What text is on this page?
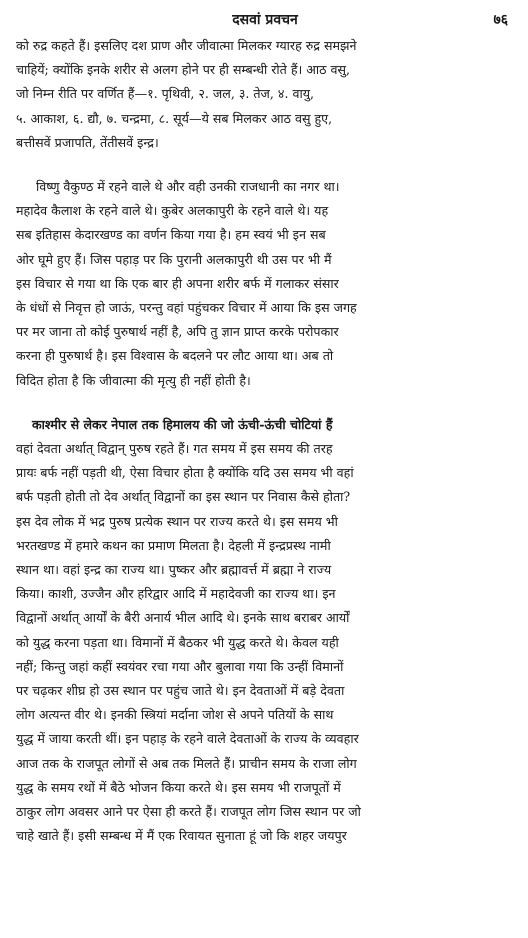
दसवां प्रवचन	७६

को रुद्र कहते हैं। इसलिए दश प्राण और जीवात्मा मिलकर ग्यारह रुद्र समझने
चाहियें; क्योंकि इनके शरीर से अलग होने पर ही सम्बन्धी रोते हैं। आठ वसु,
जो निम्न रीति पर वर्णित हैं—१. पृथिवी, २. जल, ३. तेज, ४. वायु,
५. आकाश, ६. द्यौ, ७. चन्द्रमा, ८. सूर्य—ये सब मिलकर आठ वसु हुए,
बत्तीसवें प्रजापति, तेंतीसवें इन्द्र।

विष्णु वैकुण्ठ में रहने वाले थे और वही उनकी राजधानी का नगर था।
महादेव कैलाश के रहने वाले थे। कुबेर अलकापुरी के रहने वाले थे। यह
सब इतिहास केदारखण्ड का वर्णन किया गया है। हम स्वयं भी इन सब
ओर घूमे हुए हैं। जिस पहाड़ पर कि पुरानी अलकापुरी थी उस पर भी मैं
इस विचार से गया था कि एक बार ही अपना शरीर बर्फ में गलाकर संसार
के धंधों से निवृत्त हो जाऊं, परन्तु वहां पहुंचकर विचार में आया कि इस जगह
पर मर जाना तो कोई पुरुषार्थ नहीं है, अपि तु ज्ञान प्राप्त करके परोपकार
करना ही पुरुषार्थ है। इस विश्वास के बदलने पर लौट आया था। अब तो
विदित होता है कि जीवात्मा की मृत्यु ही नहीं होती है।

काश्मीर से लेकर नेपाल तक हिमालय की जो ऊंची-ऊंची चोटियां हैं
वहां देवता अर्थात् विद्वान् पुरुष रहते हैं। गत समय में इस समय की तरह
प्रायः बर्फ नहीं पड़ती थी, ऐसा विचार होता है क्योंकि यदि उस समय भी वहां
बर्फ पड़ती होती तो देव अर्थात् विद्वानों का इस स्थान पर निवास कैसे होता?
इस देव लोक में भद्र पुरुष प्रत्येक स्थान पर राज्य करते थे। इस समय भी
भरतखण्ड में हमारे कथन का प्रमाण मिलता है। देहली में इन्द्रप्रस्थ नामी
स्थान था। वहां इन्द्र का राज्य था। पुष्कर और ब्रह्मावर्त्त में ब्रह्मा ने राज्य
किया। काशी, उज्जैन और हरिद्वार आदि में महादेवजी का राज्य था। इन
विद्वानों अर्थात् आर्यों के बैरी अनार्य भील आदि थे। इनके साथ बराबर आर्यों
को युद्ध करना पड़ता था। विमानों में बैठकर भी युद्ध करते थे। केवल यही
नहीं; किन्तु जहां कहीं स्वयंवर रचा गया और बुलावा गया कि उन्हीं विमानों
पर चढ़कर शीघ्र हो उस स्थान पर पहुंच जाते थे। इन देवताओं में बड़े देवता
लोग अत्यन्त वीर थे। इनकी स्त्रियां मर्दाना जोश से अपने पतियों के साथ
युद्ध में जाया करती थीं। इन पहाड़ के रहने वाले देवताओं के राज्य के व्यवहार
आज तक के राजपूत लोगों से अब तक मिलते हैं। प्राचीन समय के राजा लोग
युद्ध के समय रथों में बैठे भोजन किया करते थे। इस समय भी राजपूतों में
ठाकुर लोग अवसर आने पर ऐसा ही करते हैं। राजपूत लोग जिस स्थान पर जो
चाहे खाते हैं। इसी सम्बन्ध में मैं एक रिवायत सुनाता हूं जो कि शहर जयपुर
